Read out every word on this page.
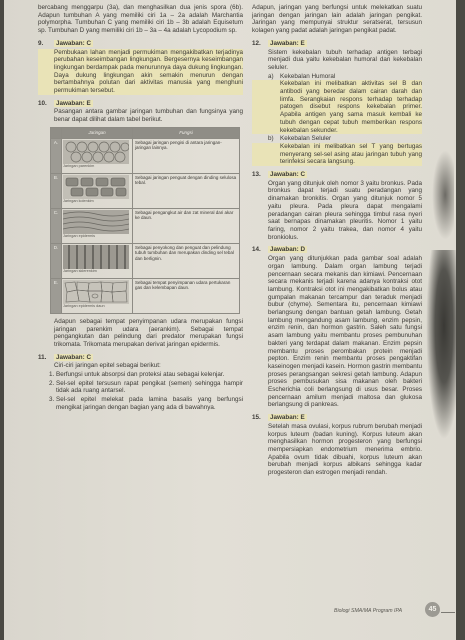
bercabang menggarpu (3a), dan menghasilkan dua jenis spora (6b). Adapun tumbuhan A yang memiliki ciri 1a – 2a adalah Marchantia polymorpha. Tumbuhan C yang memiliki ciri 1b – 3b adalah Equisetum sp. Tumbuhan D yang memiliki ciri 1b – 3a – 4a adalah Lycopodium sp.

9. Jawaban: C

Pembukaan lahan menjadi permukiman mengakibatkan terjadinya perubahan keseimbangan lingkungan. Bergesernya keseimbangan lingkungan berdampak pada menurunnya daya dukung lingkungan. Daya dukung lingkungan akin semakin menurun dengan bertambahnya polutan dari aktivitas manusia yang menghuni permukiman tersebut.

10. Jawaban: E

Pasangan antara gambar jaringan tumbuhan dan fungsinya yang benar dapat dilihat dalam tabel berikut.

	Jaringan	Fungsi
A.	Jaringan parenkim	Sebagai jaringan pengisi di antara jaringan-jaringan lainnya.
B.	Jaringan kolenkim	Sebagai jaringan penguat dengan dinding selulosa tebal.
C.	Jaringan epidermis	Sebagai pengangkut air dan zat mineral dari akar ke daun.
D.	Jaringan sklerenkim	Sebagai penyokong dan penguat dan pelindung tubuh tumbuhan dan merupakan dinding sel tebal dan berlignin.
E.	Jaringan epidermis daun	Sebagai tempat penyimpanan udara pertukaran gas dan kelembapan daun.

Adapun sebagai tempat penyimpanan udara merupakan fungsi jaringan parenkim udara (aerankim). Sebagai tempat pengangkutan dan pelindung dari predator merupakan fungsi trikomata. Trikomata merupakan derivat jaringan epidermis.

11. Jawaban: C

Ciri-ciri jaringan epitel sebagai berikut:

1. Berfungsi untuk absorpsi dan proteksi atau sebagai kelenjar.
2. Sel-sel epitel tersusun rapat pengikat (semen) sehingga hampir tidak ada ruang antarsel.
3. Sel-sel epitel melekat pada lamina basalis yang berfungsi mengikat jaringan dengan bagian yang ada di bawahnya.

Adapun, jaringan yang berfungsi untuk melekatkan suatu jaringan dengan jaringan lain adalah jaringan pengikat. Jaringan yang mempunyai struktur seratserat, tersusun kolagen yang padat adalah jaringan pengikat padat.

12. Jawaban: E

Sistem kekebalan tubuh terhadap antigen terbagi menjadi dua yaitu kekebalan humoral dan kekebalan seluler.

a) Kekebalan Humoral

Kekebalan ini melibatkan aktivitas sel B dan antibodi yang beredar dalam cairan darah dan limfa. Serangkaian respons terhadap terhadap patogen disebut respons kekebalan primer. Apabila antigen yang sama masuk kembali ke tubuh dengan cepat tubuh memberikan respons kekebalan sekunder.

b) Kekebalan Seluler

Kekebalan ini melibatkan sel T yang bertugas menyerang sel-sel asing atau jaringan tubuh yang terinfeksi secara langsung.

13. Jawaban: C

Organ yang ditunjuk oleh nomor 3 yaitu bronkus. Pada bronkus dapat terjadi suatu peradangan yang dinamakan bronkitis. Organ yang ditunjuk nomor 5 yaitu pleura. Pada pleura dapat mengalami peradangan cairan pleura sehingga timbul rasa nyeri saat bernapas dinamakan pleuritis. Nomor 1 yaitu faring, nomor 2 yaitu trakea, dan nomor 4 yaitu bronkiolus.

14. Jawaban: D

Organ yang ditunjukkan pada gambar soal adalah organ lambung. Dalam organ lambung terjadi pencernaan secara mekanis dan kimiawi. Pencernaan secara mekanis terjadi karena adanya kontraksi otot lambung. Kontraksi otot ini mengakibatkan bolus atau gumpalan makanan tercampur dan teraduk menjadi bubur (chyme). Sementara itu, pencernaan kimiawi berlangsung dengan bantuan getah lambung. Getah lambung mengandung asam lambung, enzim pepsin, enzim renin, dan hormon gastrin. Saleh satu fungsi asam lambung yaitu membantu proses pembunuhan bakteri yang terdapat dalam makanan. Enzim pepsin membantu proses perombakan protein menjadi pepton. Enzim renin membantu proses pengaktifan kaseinogen menjadi kasein. Hormon gastrin membantu proses perangsangan sekresi getah lambung. Adapun proses pembusukan sisa makanan oleh bakteri Escherichia coli berlangsung di usus besar. Proses pencernaan amilum menjadi maltosa dan glukosa berlangsung di pankreas.

15. Jawaban: E

Setelah masa ovulasi, korpus rubrum berubah menjadi korpus luteum (badan kuning). Korpus luteum akan menghasilkan hormon progesteron yang berfungsi mempersiapkan endometrium menerima embrio. Apabila ovum tidak dibuahi, korpus luteum akan berubah menjadi korpus albikans sehingga kadar progesteron dan estrogen menjadi rendah.

Biologi SMA/MA Program IPA	45
